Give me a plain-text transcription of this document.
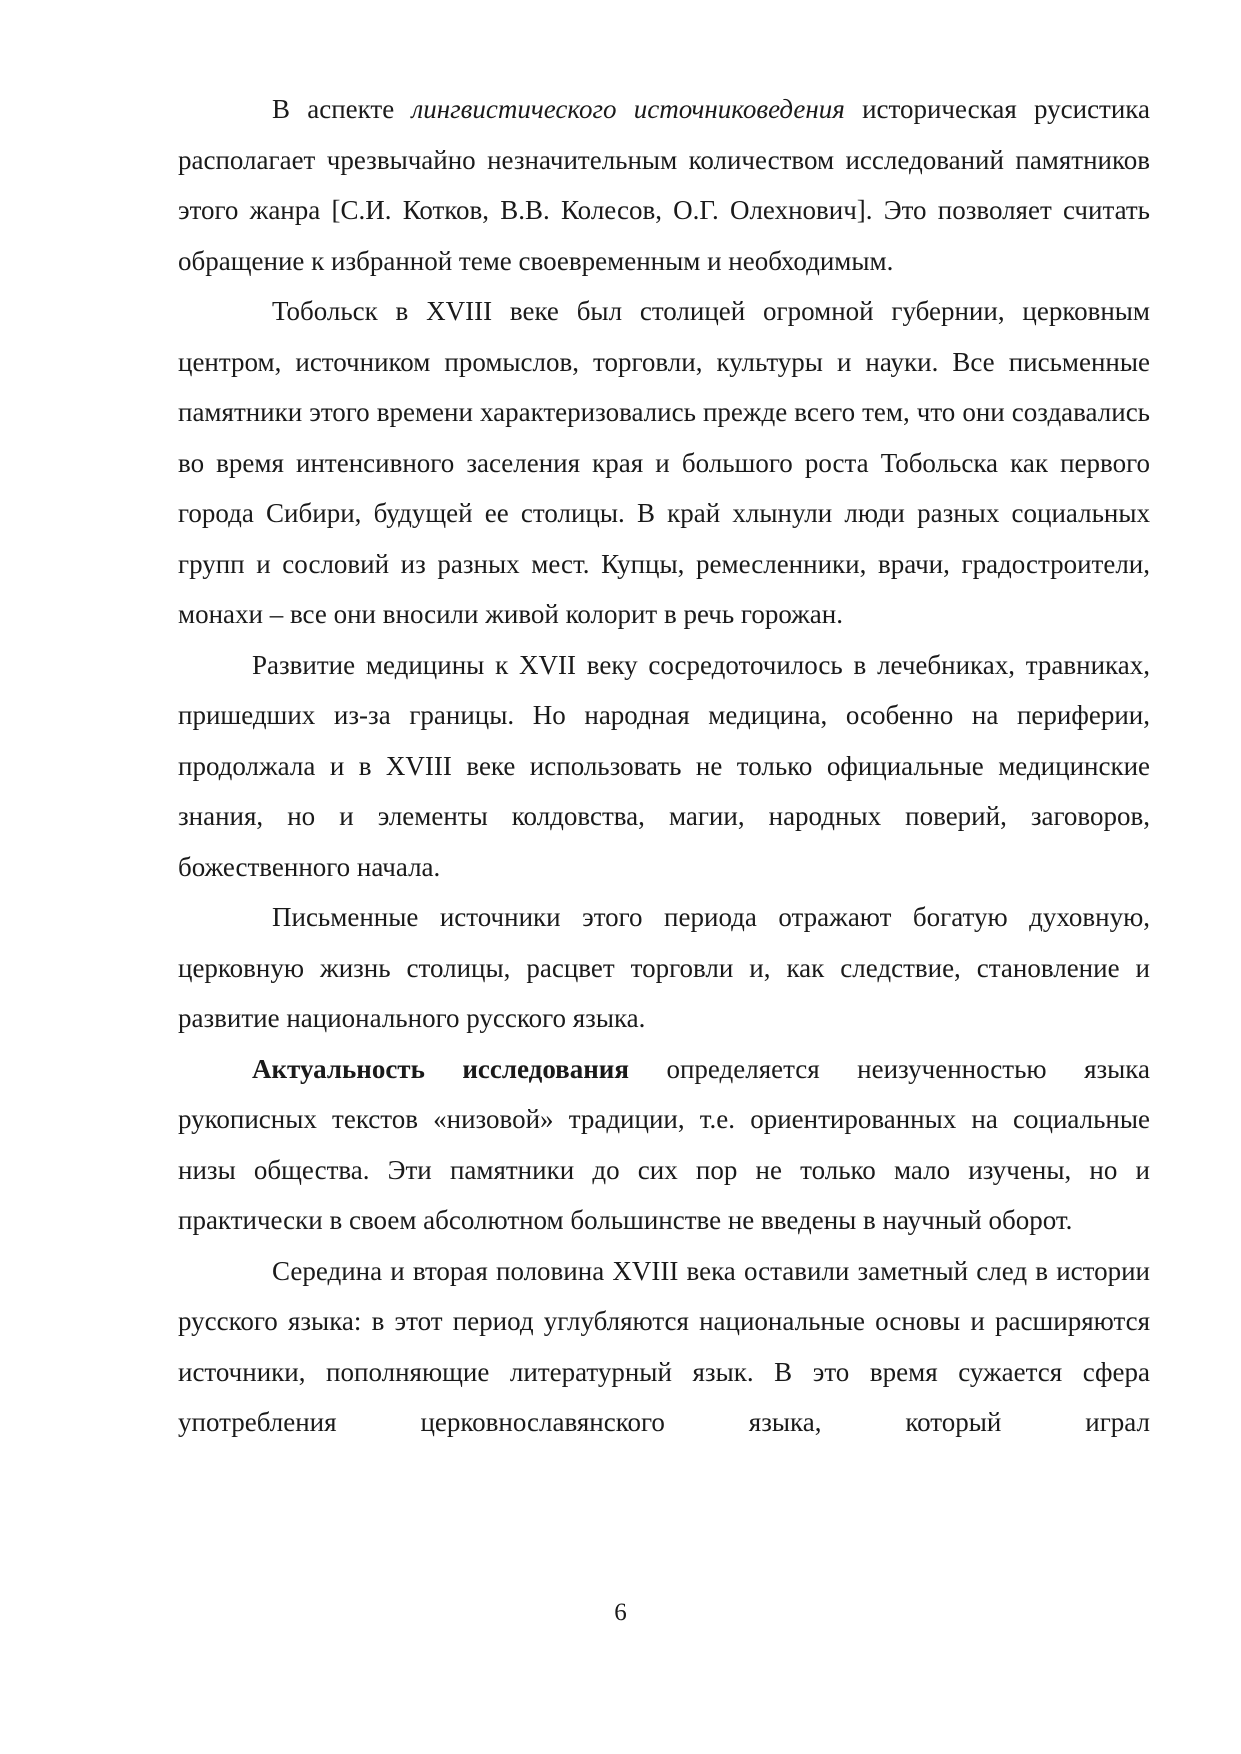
В аспекте лингвистического источниковедения историческая русистика располагает чрезвычайно незначительным количеством исследований памятников этого жанра [С.И. Котков, В.В. Колесов, О.Г. Олехнович]. Это позволяет считать обращение к избранной теме своевременным и необходимым.

Тобольск в XVIII веке был столицей огромной губернии, церковным центром, источником промыслов, торговли, культуры и науки. Все письменные памятники этого времени характеризовались прежде всего тем, что они создавались во время интенсивного заселения края и большого роста Тобольска как первого города Сибири, будущей ее столицы. В край хлынули люди разных социальных групп и сословий из разных мест. Купцы, ремесленники, врачи, градостроители, монахи – все они вносили живой колорит в речь горожан.

Развитие медицины к XVII веку сосредоточилось в лечебниках, травниках, пришедших из-за границы. Но народная медицина, особенно на периферии, продолжала и в XVIII веке использовать не только официальные медицинские знания, но и элементы колдовства, магии, народных поверий, заговоров, божественного начала.

Письменные источники этого периода отражают богатую духовную, церковную жизнь столицы, расцвет торговли и, как следствие, становление и развитие национального русского языка.

Актуальность исследования определяется неизученностью языка рукописных текстов «низовой» традиции, т.е. ориентированных на социальные низы общества. Эти памятники до сих пор не только мало изучены, но и практически в своем абсолютном большинстве не введены в научный оборот.

Середина и вторая половина XVIII века оставили заметный след в истории русского языка: в этот период углубляются национальные основы и расширяются источники, пополняющие литературный язык. В это время сужается сфера употребления церковнославянского языка, который играл

6
